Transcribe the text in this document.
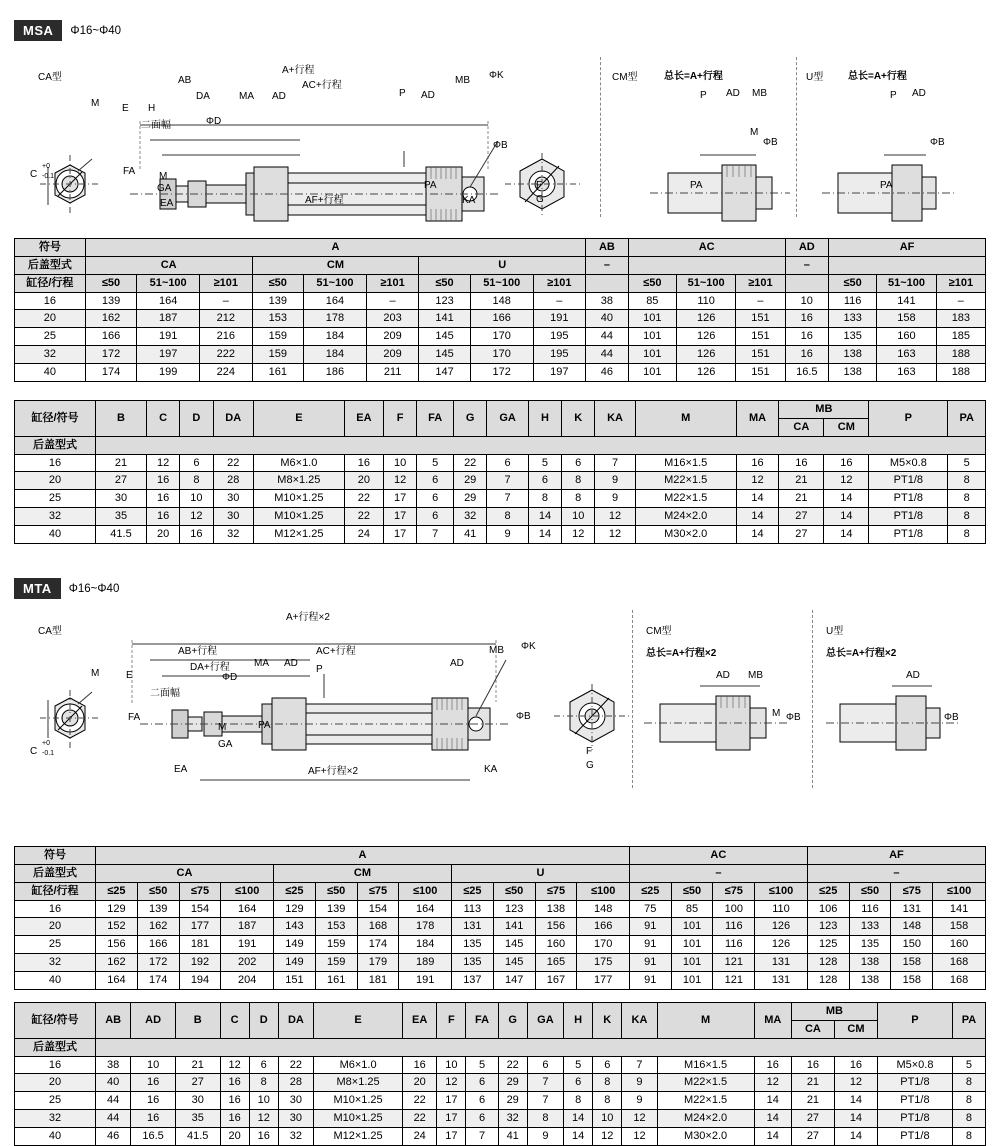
MSA	Φ16~Φ40
CA型
A+行程
AC+行程
AB
DA	MA AD
MB ΦK
P AD
ΦB
ΦD
M E H
二面幅
FA M
GA
EA	AF+行程
PA
KA
F
G
C
+0
-0.1
CM型	总长=A+行程
P AD MB
ΦB
M
PA
U型 总长=A+行程
P AD
ΦB
PA
符号	A									AB	AC			AD	AF		
后盖型式	CA			CM			U			–				–			
缸径/行程	≤50	51~100	≥101	≤50	51~100	≥101	≤50	51~100	≥101		≤50	51~100	≥101		≤50	51~100	≥101
16	139	164	–	139	164	–	123	148	–	38	85	110	–	10	116	141	–
20	162	187	212	153	178	203	141	166	191	40	101	126	151	16	133	158	183
25	166	191	216	159	184	209	145	170	195	44	101	126	151	16	135	160	185
32	172	197	222	159	184	209	145	170	195	44	101	126	151	16	138	163	188
40	174	199	224	161	186	211	147	172	197	46	101	126	151	16.5	138	163	188
缸径/符号	B	C	D	DA	E	EA	F	FA	G	GA	H	K	KA	M	MA	MB		P	PA
																CA	CM		
后盖型式																			
16	21	12	6	22	M6×1.0	16	10	5	22	6	5	6	7	M16×1.5	16	16	16	M5×0.8	5
20	27	16	8	28	M8×1.25	20	12	6	29	7	6	8	9	M22×1.5	12	21	12	PT1/8	8
25	30	16	10	30	M10×1.25	22	17	6	29	7	8	8	9	M22×1.5	14	21	14	PT1/8	8
32	35	16	12	30	M10×1.25	22	17	6	32	8	14	10	12	M24×2.0	14	27	14	PT1/8	8
40	41.5	20	16	32	M12×1.25	24	17	7	41	9	14	12	12	M30×2.0	14	27	14	PT1/8	8
MTA	Φ16~Φ40
CA型
A+行程×2
AC+行程
AB+行程
DA+行程 MA AD
P
AD
MB ΦK
ΦB
ΦD
M	E
二面幅
FA
M	PA
GA
EA	AF+行程×2	KA
F
G
C
+0
-0.1
CM型
总长=A+行程×2
AD MB
M ΦB
U型
总长=A+行程×2
AD
ΦB
符号	A												AC				AF			
后盖型式	CA				CM				U				–				–			
缸径/行程	≤25	≤50	≤75	≤100	≤25	≤50	≤75	≤100	≤25	≤50	≤75	≤100	≤25	≤50	≤75	≤100	≤25	≤50	≤75	≤100
16	129	139	154	164	129	139	154	164	113	123	138	148	75	85	100	110	106	116	131	141
20	152	162	177	187	143	153	168	178	131	141	156	166	91	101	116	126	123	133	148	158
25	156	166	181	191	149	159	174	184	135	145	160	170	91	101	116	126	125	135	150	160
32	162	172	192	202	149	159	179	189	135	145	165	175	91	101	121	131	128	138	158	168
40	164	174	194	204	151	161	181	191	137	147	167	177	91	101	121	131	128	138	158	168
缸径/符号	AB	AD	B	C	D	DA	E	EA	F	FA	G	GA	H	K	KA	M	MA	MB		P	PA
																		CA	CM		
后盖型式																					
16	38	10	21	12	6	22	M6×1.0	16	10	5	22	6	5	6	7	M16×1.5	16	16	16	M5×0.8	5
20	40	16	27	16	8	28	M8×1.25	20	12	6	29	7	6	8	9	M22×1.5	12	21	12	PT1/8	8
25	44	16	30	16	10	30	M10×1.25	22	17	6	29	7	8	8	9	M22×1.5	14	21	14	PT1/8	8
32	44	16	35	16	12	30	M10×1.25	22	17	6	32	8	14	10	12	M24×2.0	14	27	14	PT1/8	8
40	46	16.5	41.5	20	16	32	M12×1.25	24	17	7	41	9	14	12	12	M30×2.0	14	27	14	PT1/8	8
